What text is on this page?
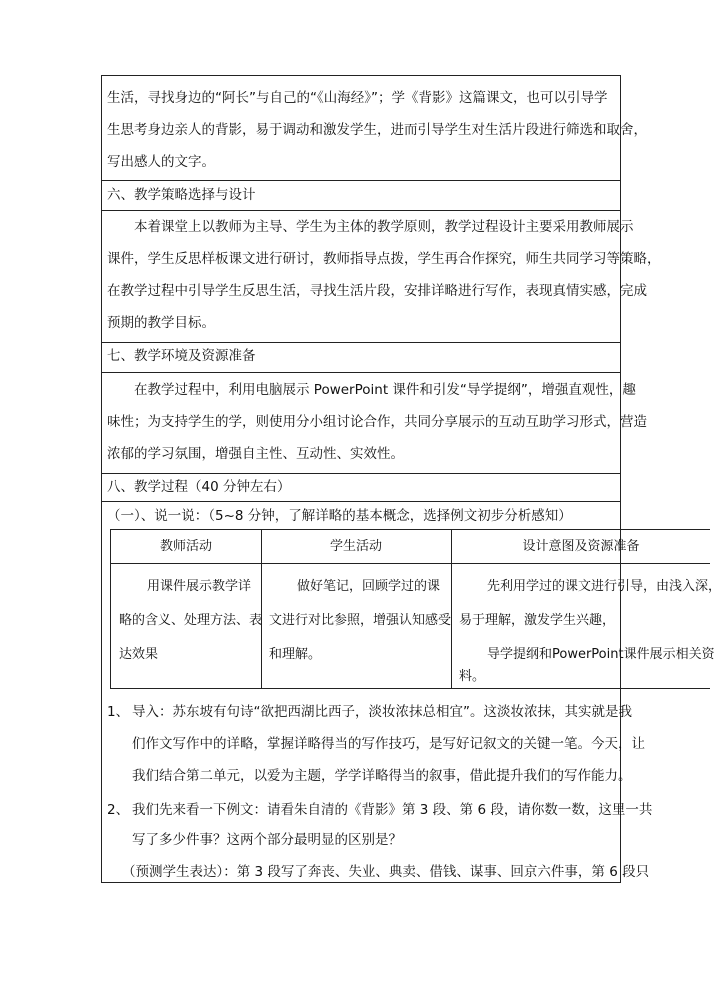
生活，寻找身边的“阿长”与自己的“《山海经》”；学《背影》这篇课文，也可以引导学

生思考身边亲人的背影，易于调动和激发学生，进而引导学生对生活片段进行筛选和取舍，

写出感人的文字。

六、教学策略选择与设计

本着课堂上以教师为主导、学生为主体的教学原则，教学过程设计主要采用教师展示

课件，学生反思样板课文进行研讨，教师指导点拨，学生再合作探究，师生共同学习等策略，

在教学过程中引导学生反思生活，寻找生活片段，安排详略进行写作，表现真情实感，完成

预期的教学目标。

七、教学环境及资源准备

在教学过程中，利用电脑展示 PowerPoint 课件和引发“导学提纲”，增强直观性，趣

味性；为支持学生的学，则使用分小组讨论合作，共同分享展示的互动互助学习形式，营造

浓郁的学习氛围，增强自主性、互动性、实效性。

八、教学过程（40 分钟左右）

（一）、说一说：（5~8 分钟，了解详略的基本概念，选择例文初步分析感知）

教师活动	学生活动	设计意图及资源准备
用课件展示教学详
略的含义、处理方法、表
达效果
做好笔记，回顾学过的课
文进行对比参照，增强认知感受
和理解。
先利用学过的课文进行引导，由浅入深，
易于理解，激发学生兴趣，
导学提纲和PowerPoint课件展示相关资
料。

1、 导入：苏东坡有句诗“欲把西湖比西子，淡妆浓抹总相宜”。这淡妆浓抹，其实就是我

们作文写作中的详略，掌握详略得当的写作技巧，是写好记叙文的关键一笔。今天，让

我们结合第二单元，以爱为主题，学学详略得当的叙事，借此提升我们的写作能力。

2、 我们先来看一下例文：请看朱自清的《背影》第 3 段、第 6 段，请你数一数，这里一共

写了多少件事？这两个部分最明显的区别是？

（预测学生表达）：第 3 段写了奔丧、失业、典卖、借钱、谋事、回京六件事，第 6 段只
